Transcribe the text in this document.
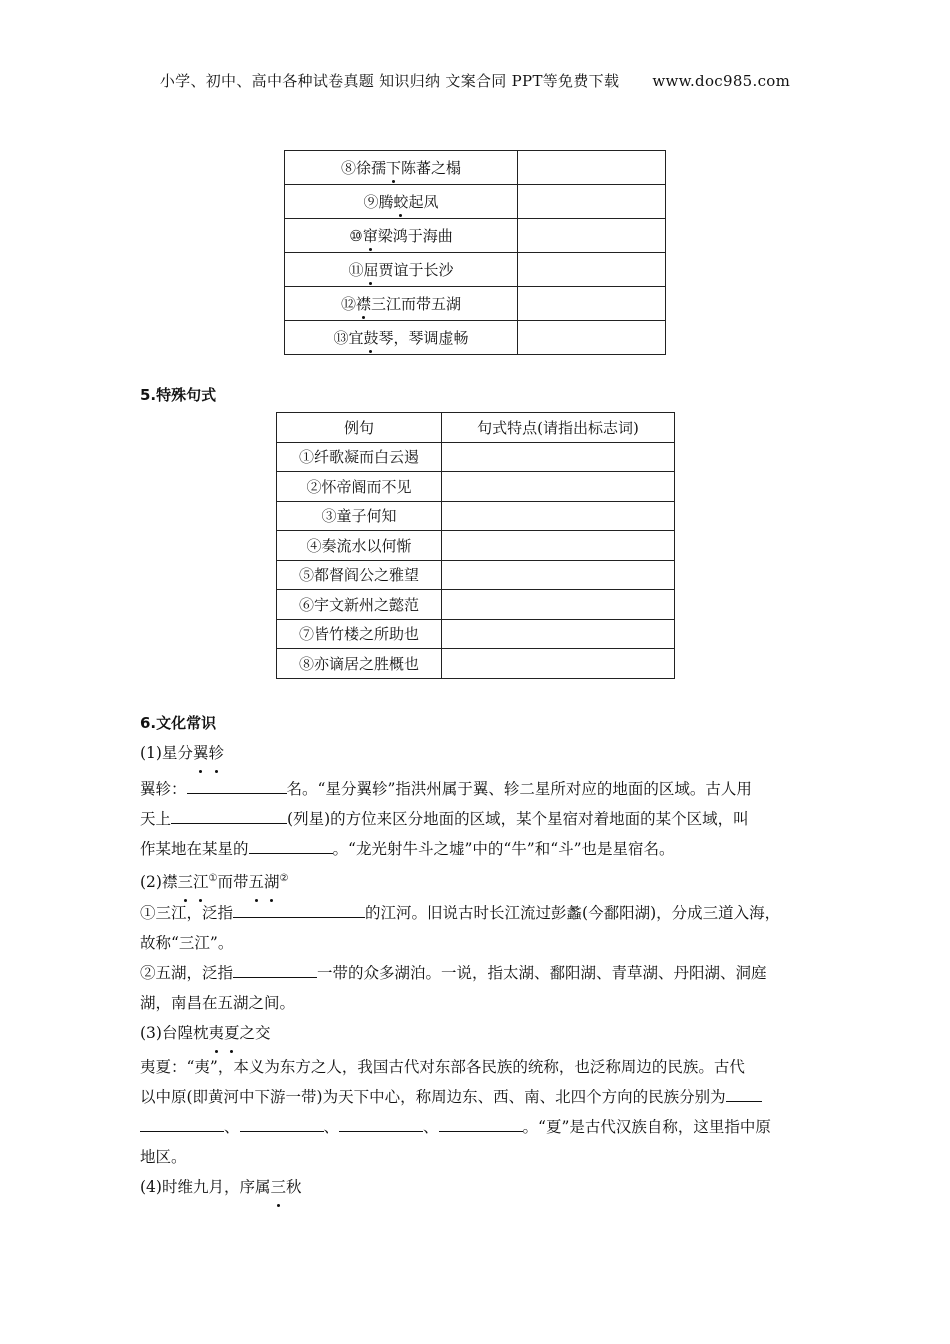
小学、初中、高中各种试卷真题 知识归纳 文案合同 PPT等免费下载 www.doc985.com
⑧徐孺下陈蕃之榻	
⑨腾蛟起凤	
⑩窜梁鸿于海曲	
⑪屈贾谊于长沙	
⑫襟三江而带五湖	
⑬宜鼓琴，琴调虚畅	
5.特殊句式
例句	句式特点(请指出标志词)
①纤歌凝而白云遏	
②怀帝阍而不见	
③童子何知	
④奏流水以何惭	
⑤都督阎公之雅望	
⑥宇文新州之懿范	
⑦皆竹楼之所助也	
⑧亦谪居之胜概也	
6.文化常识
(1)星分翼轸
翼轸：	名。“星分翼轸”指洪州属于翼、轸二星所对应的地面的区域。古人用
天上	(列星)的方位来区分地面的区域，某个星宿对着地面的某个区域，叫
作某地在某星的	。“龙光射牛斗之墟”中的“牛”和“斗”也是星宿名。
(2)襟三江①而带五湖②
①三江，泛指	的江河。旧说古时长江流过彭蠡(今鄱阳湖)，分成三道入海，
故称“三江”。
②五湖，泛指	一带的众多湖泊。一说，指太湖、鄱阳湖、青草湖、丹阳湖、洞庭
湖，南昌在五湖之间。
(3)台隍枕夷夏之交
夷夏：“夷”，本义为东方之人，我国古代对东部各民族的统称，也泛称周边的民族。古代
以中原(即黄河中下游一带)为天下中心，称周边东、西、南、北四个方向的民族分别为
、	、	、	。“夏”是古代汉族自称，这里指中原
地区。
(4)时维九月，序属三秋
